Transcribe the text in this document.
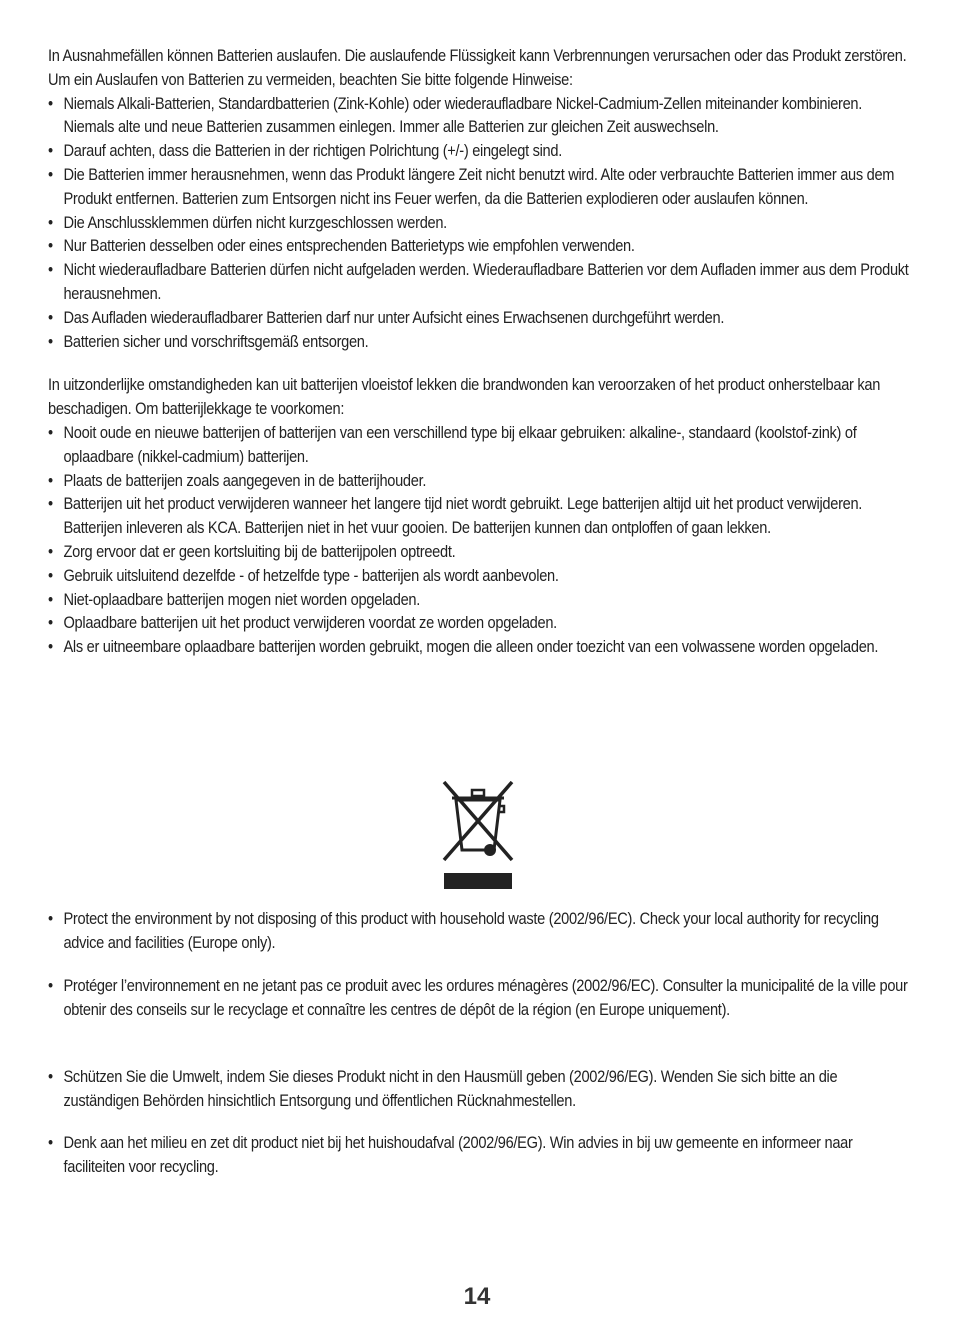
In Ausnahmefällen können Batterien auslaufen. Die auslaufende Flüssigkeit kann Verbrennungen verursachen oder das Produkt zerstören. Um ein Auslaufen von Batterien zu vermeiden, beachten Sie bitte folgende Hinweise:

• Niemals Alkali-Batterien, Standardbatterien (Zink-Kohle) oder wiederaufladbare Nickel-Cadmium-Zellen miteinander kombinieren. Niemals alte und neue Batterien zusammen einlegen. Immer alle Batterien zur gleichen Zeit auswechseln.
• Darauf achten, dass die Batterien in der richtigen Polrichtung (+/-) eingelegt sind.
• Die Batterien immer herausnehmen, wenn das Produkt längere Zeit nicht benutzt wird. Alte oder verbrauchte Batterien immer aus dem Produkt entfernen. Batterien zum Entsorgen nicht ins Feuer werfen, da die Batterien explodieren oder auslaufen können.
• Die Anschlussklemmen dürfen nicht kurzgeschlossen werden.
• Nur Batterien desselben oder eines entsprechenden Batterietyps wie empfohlen verwenden.
• Nicht wiederaufladbare Batterien dürfen nicht aufgeladen werden. Wiederaufladbare Batterien vor dem Aufladen immer aus dem Produkt herausnehmen.
• Das Aufladen wiederaufladbarer Batterien darf nur unter Aufsicht eines Erwachsenen durchgeführt werden.
• Batterien sicher und vorschriftsgemäß entsorgen.

In uitzonderlijke omstandigheden kan uit batterijen vloeistof lekken die brandwonden kan veroorzaken of het product onherstelbaar kan beschadigen. Om batterijlekkage te voorkomen:

• Nooit oude en nieuwe batterijen of batterijen van een verschillend type bij elkaar gebruiken: alkaline-, standaard (koolstof-zink) of oplaadbare (nikkel-cadmium) batterijen.
• Plaats de batterijen zoals aangegeven in de batterijhouder.
• Batterijen uit het product verwijderen wanneer het langere tijd niet wordt gebruikt. Lege batterijen altijd uit het product verwijderen. Batterijen inleveren als KCA. Batterijen niet in het vuur gooien. De batterijen kunnen dan ontploffen of gaan lekken.
• Zorg ervoor dat er geen kortsluiting bij de batterijpolen optreedt.
• Gebruik uitsluitend dezelfde - of hetzelfde type - batterijen als wordt aanbevolen.
• Niet-oplaadbare batterijen mogen niet worden opgeladen.
• Oplaadbare batterijen uit het product verwijderen voordat ze worden opgeladen.
• Als er uitneembare oplaadbare batterijen worden gebruikt, mogen die alleen onder toezicht van een volwassene worden opgeladen.

• Protect the environment by not disposing of this product with household waste (2002/96/EC). Check your local authority for recycling advice and facilities (Europe only).

• Protéger l’environnement en ne jetant pas ce produit avec les ordures ménagères (2002/96/EC). Consulter la municipalité de la ville pour obtenir des conseils sur le recyclage et connaître les centres de dépôt de la région (en Europe uniquement).

• Schützen Sie die Umwelt, indem Sie dieses Produkt nicht in den Hausmüll geben (2002/96/EG). Wenden Sie sich bitte an die zuständigen Behörden hinsichtlich Entsorgung und öffentlichen Rücknahmestellen.

• Denk aan het milieu en zet dit product niet bij het huishoudafval (2002/96/EG). Win advies in bij uw gemeente en informeer naar faciliteiten voor recycling.

14
